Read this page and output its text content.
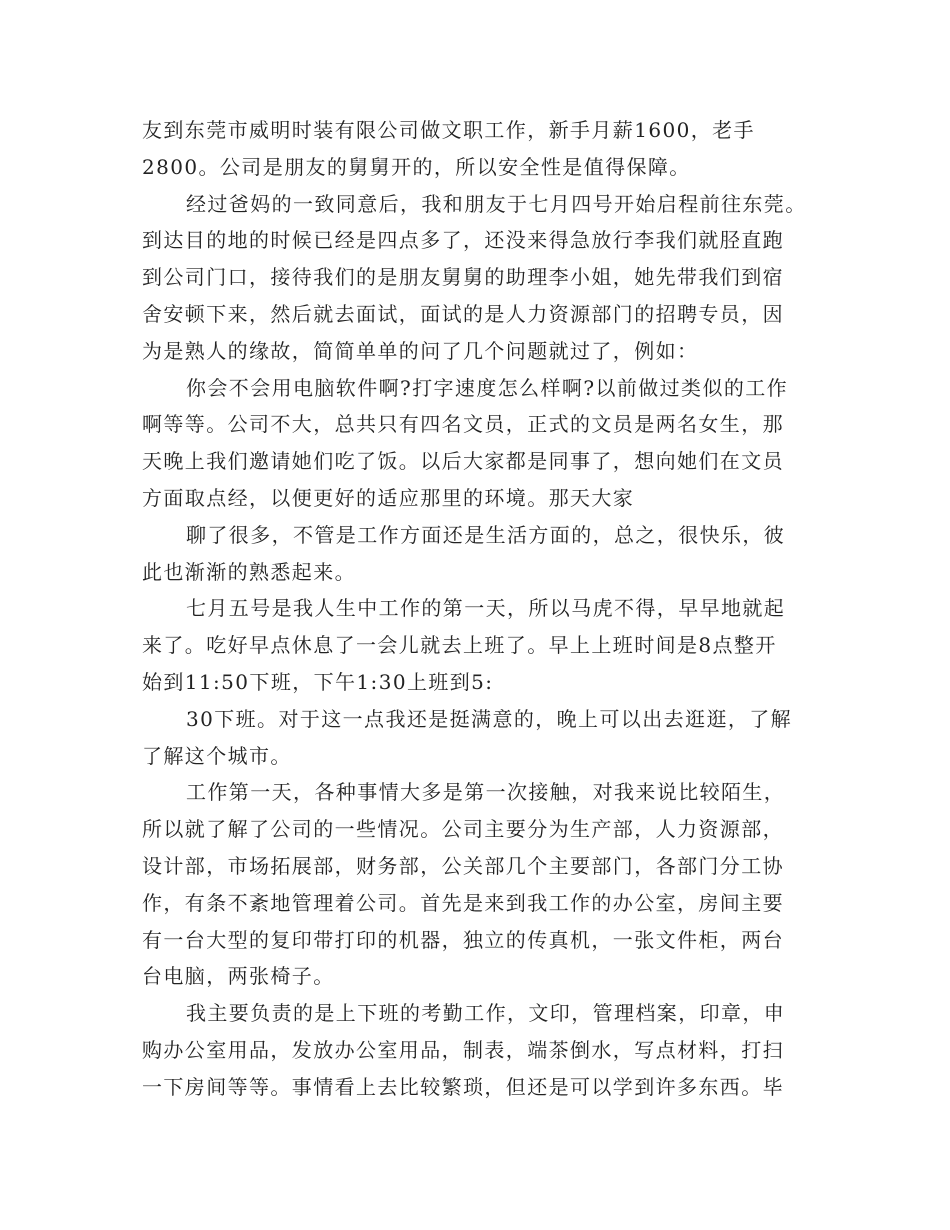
友到东莞市威明时装有限公司做文职工作，新手月薪1600，老手
2800。公司是朋友的舅舅开的，所以安全性是值得保障。

经过爸妈的一致同意后，我和朋友于七月四号开始启程前往东莞。
到达目的地的时候已经是四点多了，还没来得急放行李我们就胫直跑
到公司门口，接待我们的是朋友舅舅的助理李小姐，她先带我们到宿
舍安顿下来，然后就去面试，面试的是人力资源部门的招聘专员，因
为是熟人的缘故，简简单单的问了几个问题就过了，例如：

你会不会用电脑软件啊?打字速度怎么样啊?以前做过类似的工作
啊等等。公司不大，总共只有四名文员，正式的文员是两名女生，那
天晚上我们邀请她们吃了饭。以后大家都是同事了，想向她们在文员
方面取点经，以便更好的适应那里的环境。那天大家

聊了很多，不管是工作方面还是生活方面的，总之，很快乐，彼
此也渐渐的熟悉起来。

七月五号是我人生中工作的第一天，所以马虎不得，早早地就起
来了。吃好早点休息了一会儿就去上班了。早上上班时间是8点整开
始到11:50下班，下午1:30上班到5:

30下班。对于这一点我还是挺满意的，晚上可以出去逛逛，了解
了解这个城市。

工作第一天，各种事情大多是第一次接触，对我来说比较陌生，
所以就了解了公司的一些情况。公司主要分为生产部，人力资源部，
设计部，市场拓展部，财务部，公关部几个主要部门，各部门分工协
作，有条不紊地管理着公司。首先是来到我工作的办公室，房间主要
有一台大型的复印带打印的机器，独立的传真机，一张文件柜，两台
台电脑，两张椅子。

我主要负责的是上下班的考勤工作，文印，管理档案，印章，申
购办公室用品，发放办公室用品，制表，端茶倒水，写点材料，打扫
一下房间等等。事情看上去比较繁琐，但还是可以学到许多东西。毕
